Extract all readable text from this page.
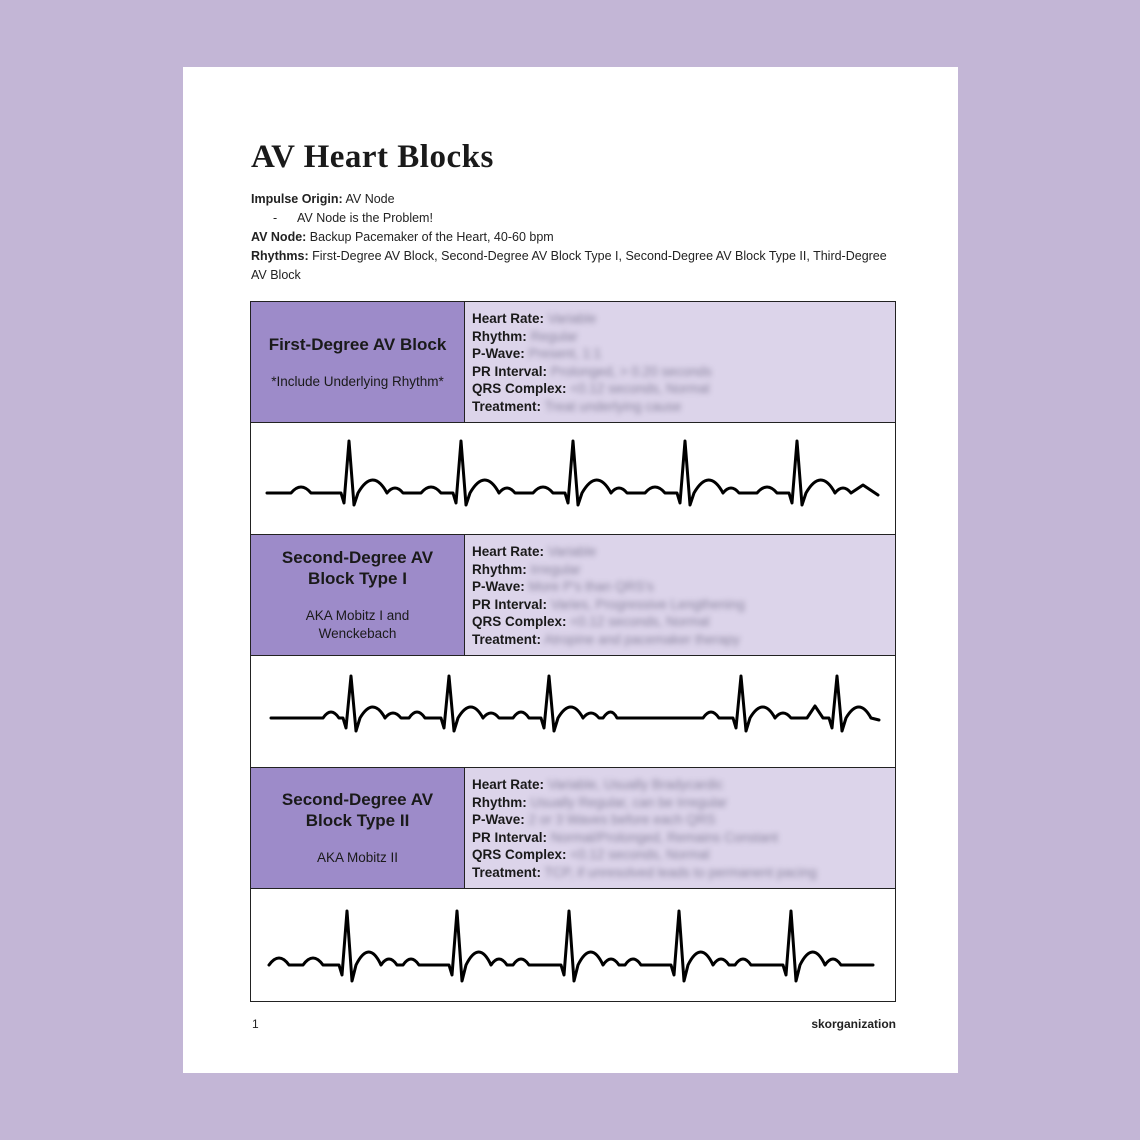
AV Heart Blocks
Impulse Origin: AV Node
- AV Node is the Problem!
AV Node: Backup Pacemaker of the Heart, 40-60 bpm
Rhythms: First-Degree AV Block, Second-Degree AV Block Type I, Second-Degree AV Block Type II, Third-Degree AV Block
First-Degree AV Block
*Include Underlying Rhythm*
Heart Rate: Variable
Rhythm: Regular
P-Wave: Present, 1:1
PR Interval: Prolonged, > 0.20 seconds
QRS Complex: <0.12 seconds, Normal
Treatment: Treat underlying cause
Second-Degree AV Block Type I
AKA Mobitz I and Wenckebach
Heart Rate: Variable
Rhythm: Irregular
P-Wave: More P's than QRS's
PR Interval: Varies, Progressive Lengthening
QRS Complex: <0.12 seconds, Normal
Treatment: Atropine and pacemaker therapy
Second-Degree AV Block Type II
AKA Mobitz II
Heart Rate: Variable, Usually Bradycardic
Rhythm: Usually Regular, can be Irregular
P-Wave: 2 or 3 Waves before each QRS
PR Interval: Normal/Prolonged, Remains Constant
QRS Complex: <0.12 seconds, Normal
Treatment: TCP, if unresolved leads to permanent pacing
1	skorganization
